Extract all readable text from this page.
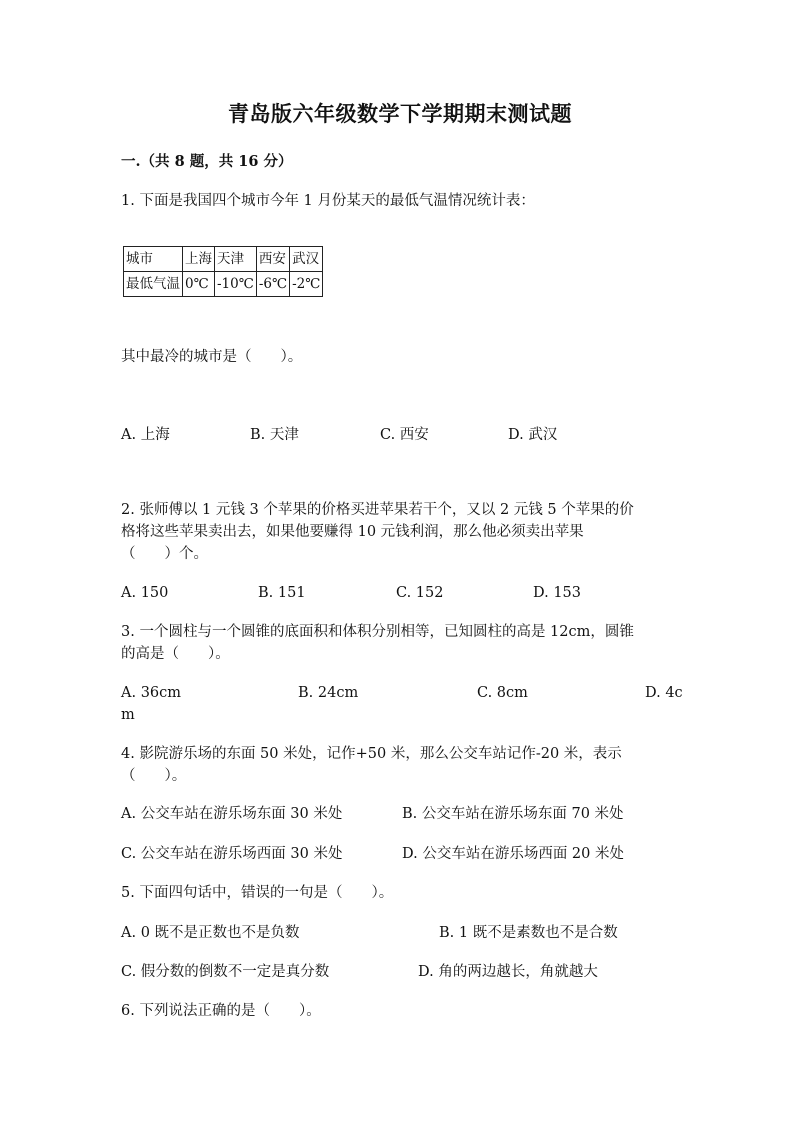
青岛版六年级数学下学期期末测试题
一.（共 8 题，共 16 分）
1. 下面是我国四个城市今年 1 月份某天的最低气温情况统计表：
城市	上海	天津	西安	武汉
最低气温	0℃	-10℃	-6℃	-2℃
其中最冷的城市是（　　）。
A. 上海	B. 天津	C. 西安	D. 武汉
2. 张师傅以 1 元钱 3 个苹果的价格买进苹果若干个，又以 2 元钱 5 个苹果的价
格将这些苹果卖出去，如果他要赚得 10 元钱利润，那么他必须卖出苹果
（　　）个。
A. 150	B. 151	C. 152	D. 153
3. 一个圆柱与一个圆锥的底面积和体积分别相等，已知圆柱的高是 12cm，圆锥
的高是（　　）。
A. 36cm	B. 24cm	C. 8cm	D. 4c
m
4. 影院游乐场的东面 50 米处，记作+50 米，那么公交车站记作-20 米，表示
（　　）。
A. 公交车站在游乐场东面 30 米处	B. 公交车站在游乐场东面 70 米处
C. 公交车站在游乐场西面 30 米处	D. 公交车站在游乐场西面 20 米处
5. 下面四句话中，错误的一句是（　　）。
A. 0 既不是正数也不是负数	B. 1 既不是素数也不是合数
C. 假分数的倒数不一定是真分数	D. 角的两边越长，角就越大
6. 下列说法正确的是（　　）。
